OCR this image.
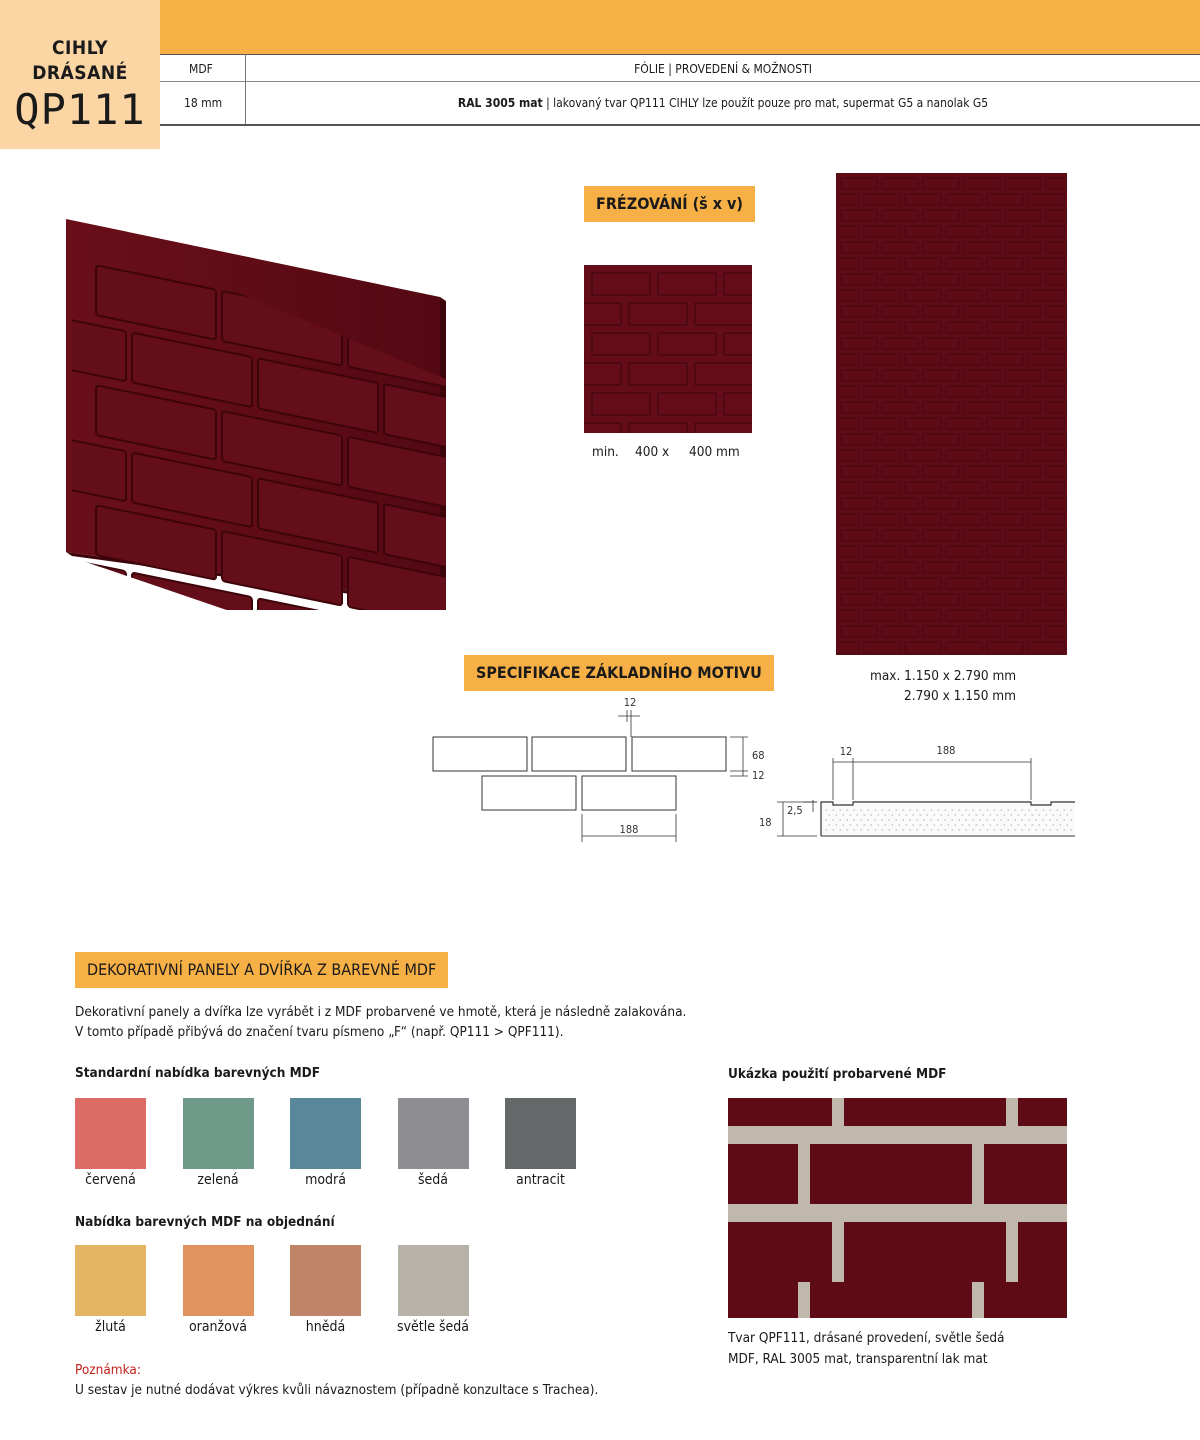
CIHLY
DRÁSANÉ
QP111
MDF	FÓLIE | PROVEDENÍ & MOŽNOSTI
18 mm	RAL 3005 mat | lakovaný tvar QP111 CIHLY lze použít pouze pro mat, supermat G5 a nanolak G5
FRÉZOVÁNÍ (š x v)
min. 400 x 400 mm
max. 1.150 x 2.790 mm
2.790 x 1.150 mm
SPECIFIKACE ZÁKLADNÍHO MOTIVU
12
68
12
188
12	188
2,5
18
DEKORATIVNÍ PANELY A DVÍŘKA Z BAREVNÉ MDF
Dekorativní panely a dvířka lze vyrábět i z MDF probarvené ve hmotě, která je následně zalakována.
V tomto případě přibývá do značení tvaru písmeno „F“ (např. QP111 > QPF111).
Standardní nabídka barevných MDF
červená	zelená	modrá	šedá	antracit
Nabídka barevných MDF na objednání
žlutá	oranžová	hnědá	světle šedá
Poznámka:
U sestav je nutné dodávat výkres kvůli návaznostem (případně konzultace s Trachea).
Ukázka použití probarvené MDF
Tvar QPF111, drásané provedení, světle šedá
MDF, RAL 3005 mat, transparentní lak mat
